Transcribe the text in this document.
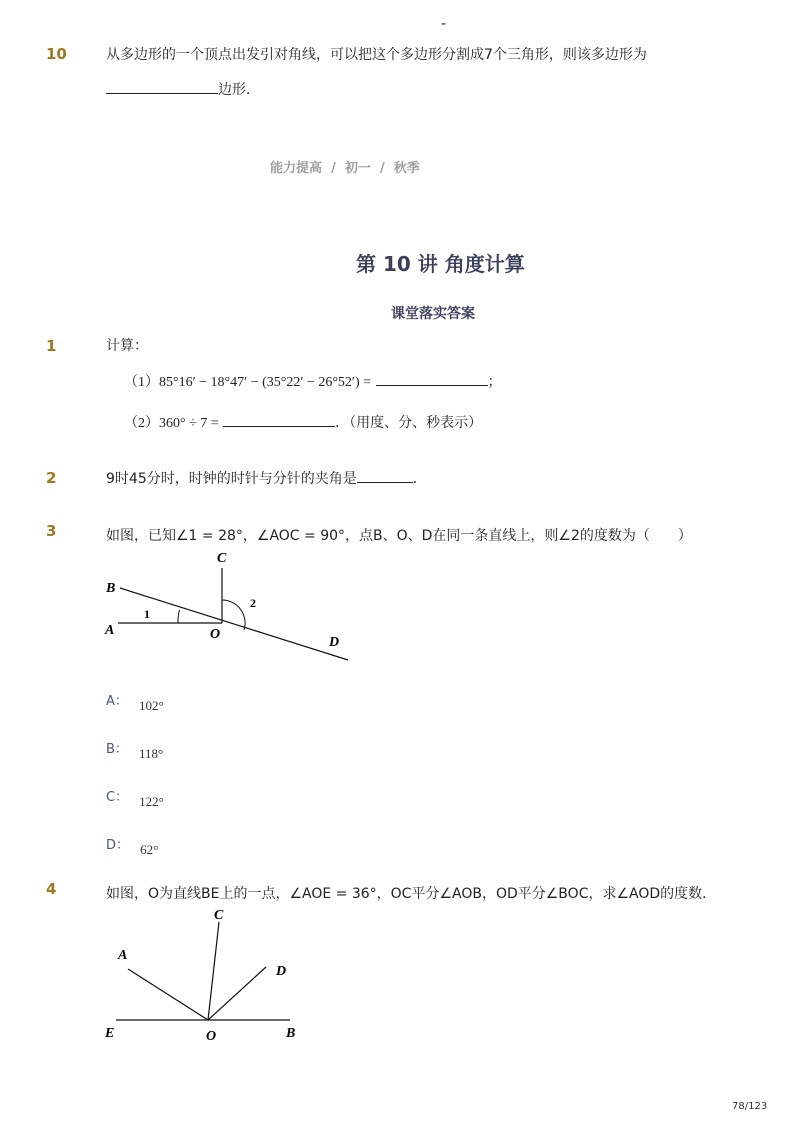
-
10	从多边形的一个顶点出发引对角线，可以把这个多边形分割成7个三角形，则该多边形为
边形．
能力提高 / 初一 / 秋季
第 10 讲 角度计算
课堂落实答案
1	计算：
（1）85°16′ − 18°47′ − (35°22′ − 26°52′) =	；
（2）360° ÷ 7 =	．（用度、分、秒表示）
2	9时45分时，时钟的时针与分针的夹角是	．
3	如图，已知∠1 = 28°，∠AOC = 90°，点B、O、D在同一条直线上，则∠2的度数为（　　）
B
A
C
O
D
1
2
A： $_{102^\circ}$
B： $_{118^\circ}$
C： $_{122^\circ}$
D： $_{62^\circ}$
4	如图，O为直线BE上的一点，∠AOE = 36°，OC平分∠AOB，OD平分∠BOC，求∠AOD的度数．
C
A
D
E	O	B
78/123
